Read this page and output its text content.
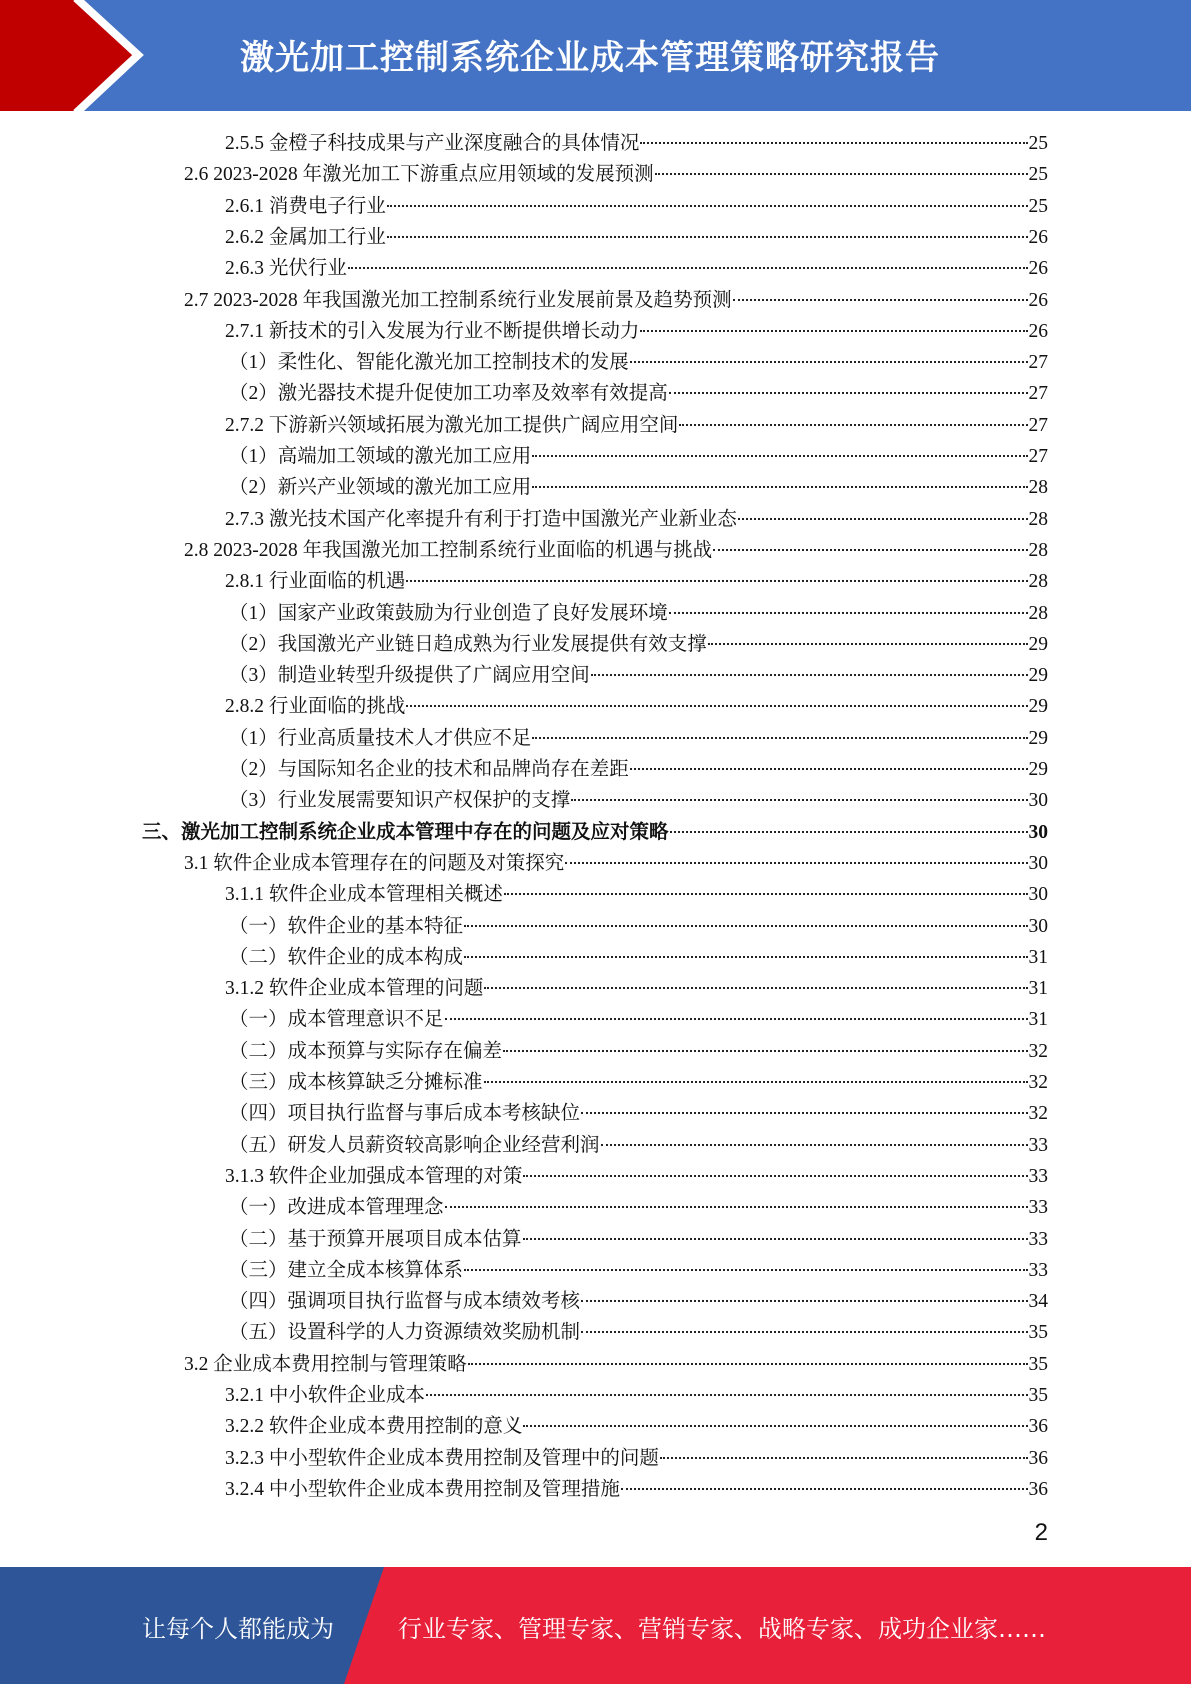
激光加工控制系统企业成本管理策略研究报告
2.5.5 金橙子科技成果与产业深度融合的具体情况	25
2.6 2023-2028 年激光加工下游重点应用领域的发展预测	25
2.6.1 消费电子行业	25
2.6.2 金属加工行业	26
2.6.3 光伏行业	26
2.7 2023-2028 年我国激光加工控制系统行业发展前景及趋势预测	26
2.7.1 新技术的引入发展为行业不断提供增长动力	26
（1）柔性化、智能化激光加工控制技术的发展	27
（2）激光器技术提升促使加工功率及效率有效提高	27
2.7.2 下游新兴领域拓展为激光加工提供广阔应用空间	27
（1）高端加工领域的激光加工应用	27
（2）新兴产业领域的激光加工应用	28
2.7.3 激光技术国产化率提升有利于打造中国激光产业新业态	28
2.8 2023-2028 年我国激光加工控制系统行业面临的机遇与挑战	28
2.8.1 行业面临的机遇	28
（1）国家产业政策鼓励为行业创造了良好发展环境	28
（2）我国激光产业链日趋成熟为行业发展提供有效支撑	29
（3）制造业转型升级提供了广阔应用空间	29
2.8.2 行业面临的挑战	29
（1）行业高质量技术人才供应不足	29
（2）与国际知名企业的技术和品牌尚存在差距	29
（3）行业发展需要知识产权保护的支撑	30
三、激光加工控制系统企业成本管理中存在的问题及应对策略	30
3.1 软件企业成本管理存在的问题及对策探究	30
3.1.1 软件企业成本管理相关概述	30
（一）软件企业的基本特征	30
（二）软件企业的成本构成	31
3.1.2 软件企业成本管理的问题	31
（一）成本管理意识不足	31
（二）成本预算与实际存在偏差	32
（三）成本核算缺乏分摊标准	32
（四）项目执行监督与事后成本考核缺位	32
（五）研发人员薪资较高影响企业经营利润	33
3.1.3 软件企业加强成本管理的对策	33
（一）改进成本管理理念	33
（二）基于预算开展项目成本估算	33
（三）建立全成本核算体系	33
（四）强调项目执行监督与成本绩效考核	34
（五）设置科学的人力资源绩效奖励机制	35
3.2 企业成本费用控制与管理策略	35
3.2.1 中小软件企业成本	35
3.2.2 软件企业成本费用控制的意义	36
3.2.3 中小型软件企业成本费用控制及管理中的问题	36
3.2.4 中小型软件企业成本费用控制及管理措施	36
2
让每个人都能成为	行业专家、管理专家、营销专家、战略专家、成功企业家……
